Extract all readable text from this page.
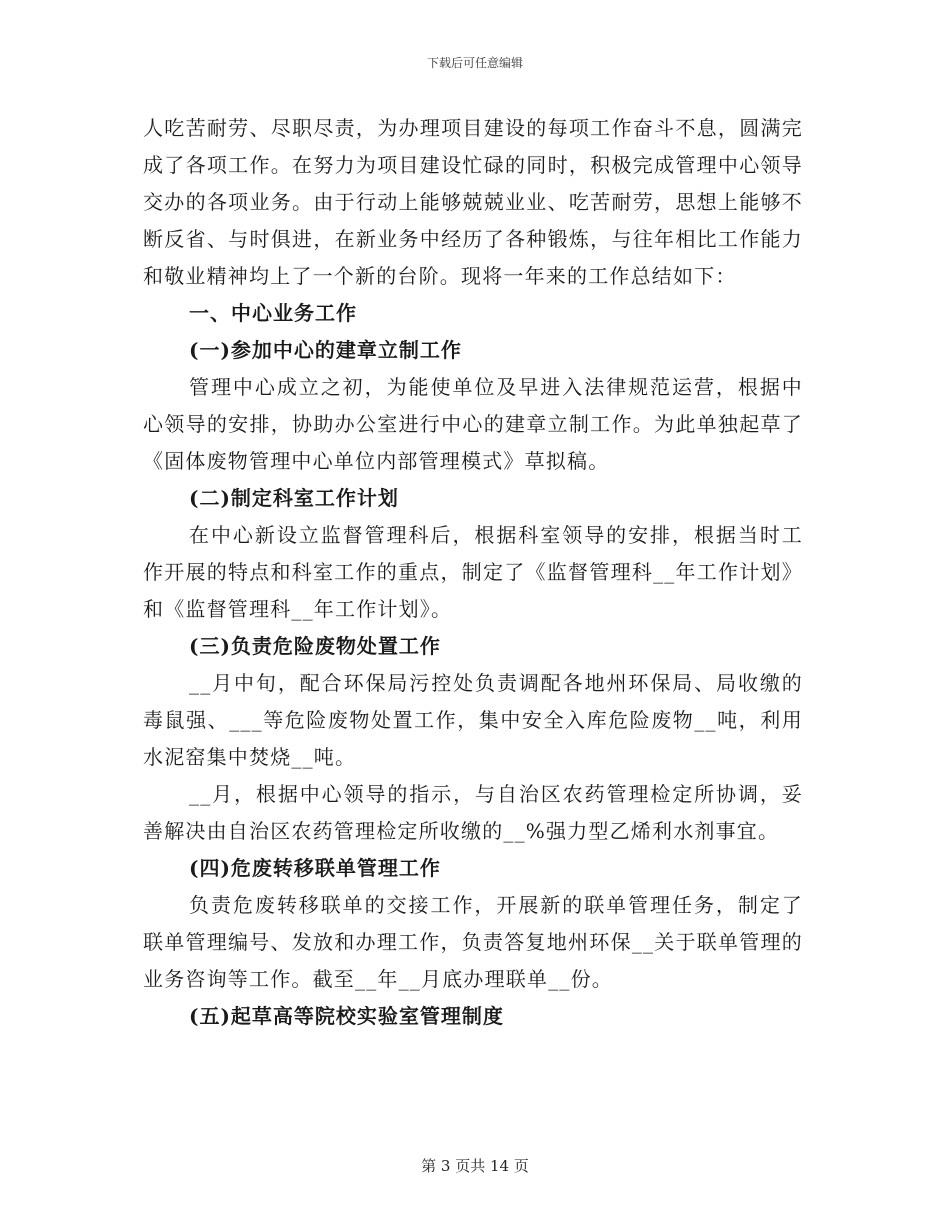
下载后可任意编辑

人吃苦耐劳、尽职尽责，为办理项目建设的每项工作奋斗不息，圆满完成了各项工作。在努力为项目建设忙碌的同时，积极完成管理中心领导交办的各项业务。由于行动上能够兢兢业业、吃苦耐劳，思想上能够不断反省、与时俱进，在新业务中经历了各种锻炼，与往年相比工作能力和敬业精神均上了一个新的台阶。现将一年来的工作总结如下：

一、中心业务工作

(一)参加中心的建章立制工作

管理中心成立之初，为能使单位及早进入法律规范运营，根据中心领导的安排，协助办公室进行中心的建章立制工作。为此单独起草了《固体废物管理中心单位内部管理模式》草拟稿。

(二)制定科室工作计划

在中心新设立监督管理科后，根据科室领导的安排，根据当时工作开展的特点和科室工作的重点，制定了《监督管理科__年工作计划》和《监督管理科__年工作计划》。

(三)负责危险废物处置工作

__月中旬，配合环保局污控处负责调配各地州环保局、局收缴的毒鼠强、___等危险废物处置工作，集中安全入库危险废物__吨，利用水泥窑集中焚烧__吨。

__月，根据中心领导的指示，与自治区农药管理检定所协调，妥善解决由自治区农药管理检定所收缴的__%强力型乙烯利水剂事宜。

(四)危废转移联单管理工作

负责危废转移联单的交接工作，开展新的联单管理任务，制定了联单管理编号、发放和办理工作，负责答复地州环保__关于联单管理的业务咨询等工作。截至__年__月底办理联单__份。

(五)起草高等院校实验室管理制度

第 3 页共 14 页
